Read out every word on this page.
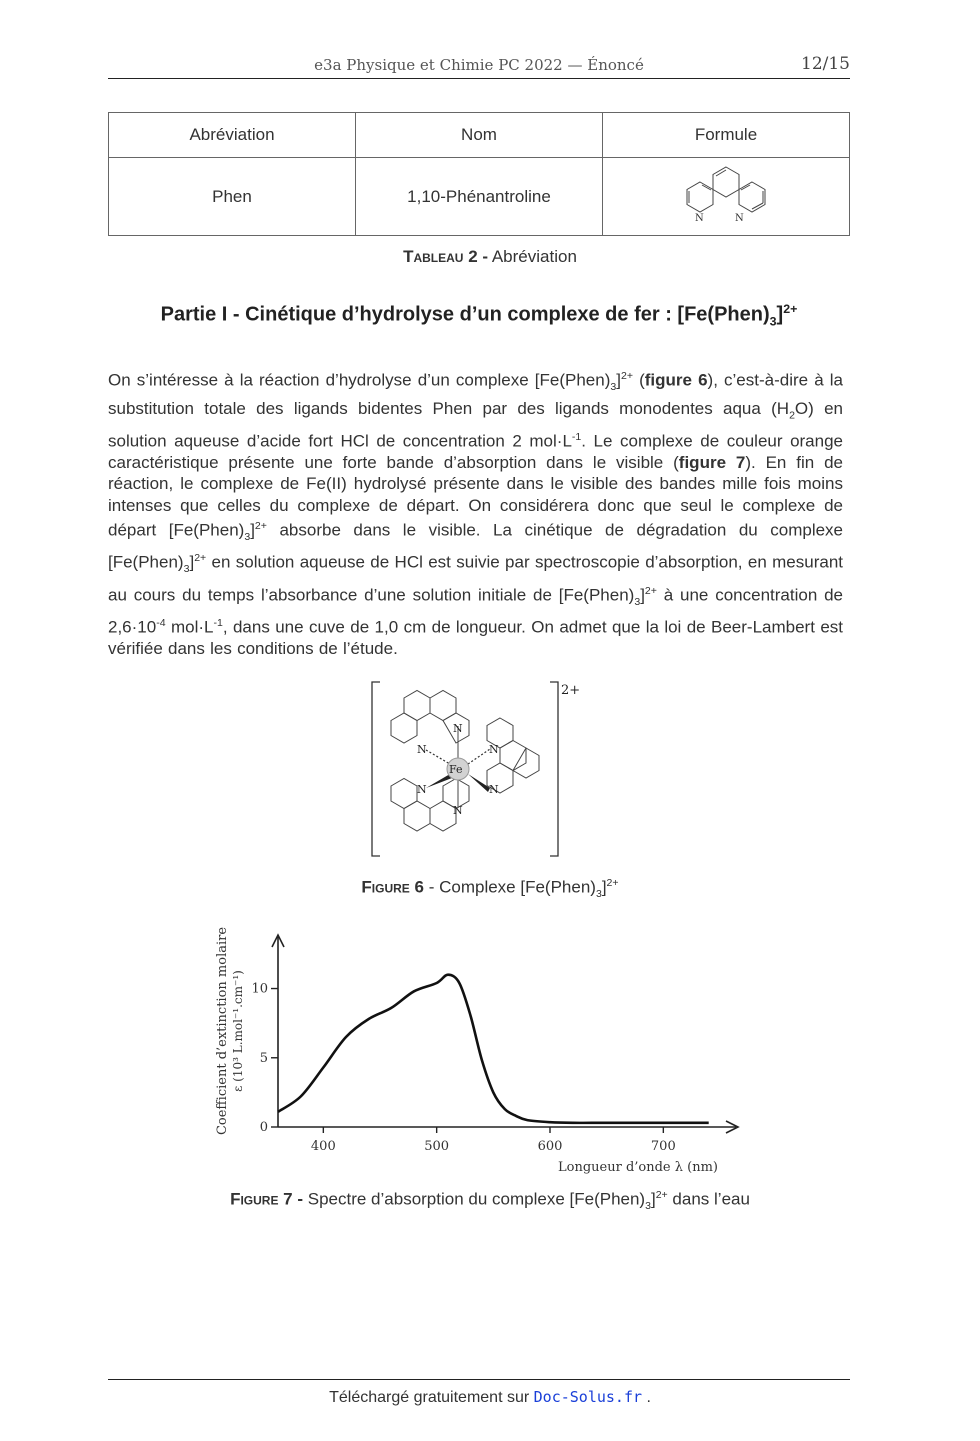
e3a Physique et Chimie PC 2022 — Énoncé	12/15
Abréviation	Nom	Formule
Phen	1,10-Phénantroline	N N
Tableau 2 - Abréviation
Partie I - Cinétique d’hydrolyse d’un complexe de fer : $[Fe(Phen)_3]^{2+}$
On s’intéresse à la réaction d’hydrolyse d’un complexe $[Fe(Phen)_3]^{2+}$ (figure 6), c’est-à-dire à la substitution totale des ligands bidentes Phen par des ligands monodentes aqua $(H_2O)$ en solution aqueuse d’acide fort HCl de concentration 2 $mol\cdot L^{-1}$. Le complexe de couleur orange caractéristique présente une forte bande d’absorption dans le visible (figure 7). En fin de réaction, le complexe de Fe(II) hydrolysé présente dans le visible des bandes mille fois moins intenses que celles du complexe de départ. On considérera donc que seul le complexe de départ $[Fe(Phen)_3]^{2+}$ absorbe dans le visible. La cinétique de dégradation du complexe $[Fe(Phen)_3]^{2+}$ en solution aqueuse de HCl est suivie par spectroscopie d’absorption, en mesurant au cours du temps l’absorbance d’une solution initiale de $[Fe(Phen)_3]^{2+}$ à une concentration de $2,6\cdot 10^{-4}$ $mol\cdot L^{-1}$, dans une cuve de 1,0 cm de longueur. On admet que la loi de Beer-Lambert est vérifiée dans les conditions de l’étude.
Fe
N
N	N
N	N
N
2+
Figure 6 - Complexe $[Fe(Phen)_3]^{2+}$
400	500	600	700
0
5
10
Longueur d’onde λ (nm)
Coefficient d’extinction molaire ε (10³ L.mol⁻¹.cm⁻¹)
Figure 7 - Spectre d’absorption du complexe $[Fe(Phen)_3]^{2+}$ dans l’eau
Téléchargé gratuitement sur Doc-Solus.fr .
